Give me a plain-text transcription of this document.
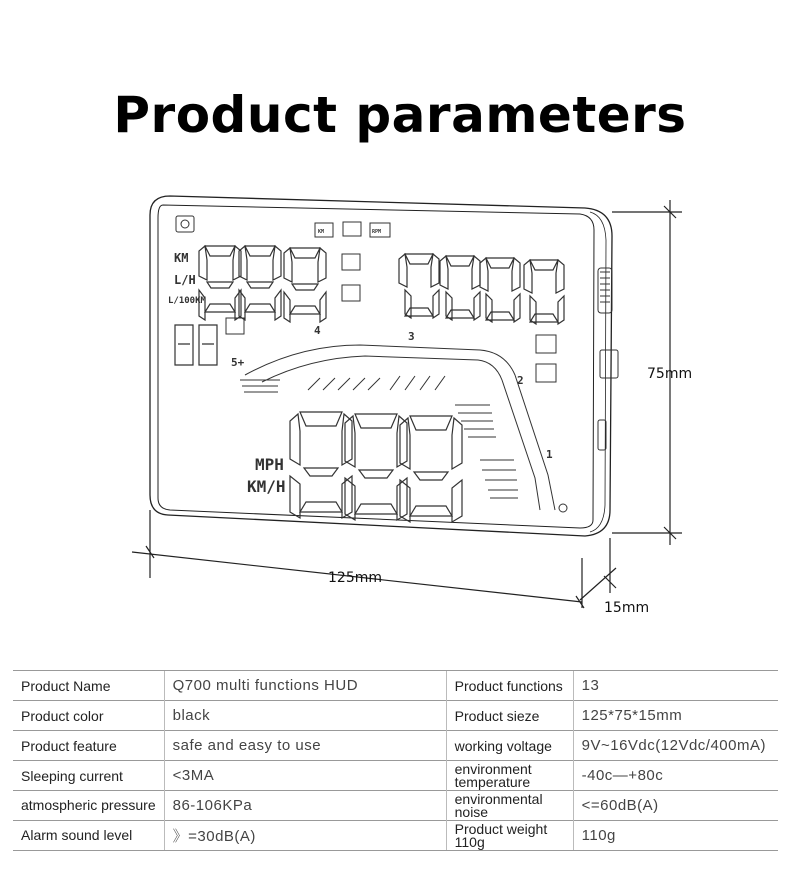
Product parameters
KM
L/H
L/100KM
MPH
KM/H
KM	RPM
1
2
3
4
5+
75mm
125mm
15mm
Product Name	Q700 multi functions HUD	Product functions	13
Product color	black	Product sieze	125*75*15mm
Product feature	safe and easy to use	working voltage	9V~16Vdc(12Vdc/400mA)
Sleeping current	<3MA	environment temperature	-40c—+80c

atmospheric pressure	86-106KPa	environmental noise	<=60dB(A)

Alarm sound level	》=30dB(A)	Product weight 110g	110g
